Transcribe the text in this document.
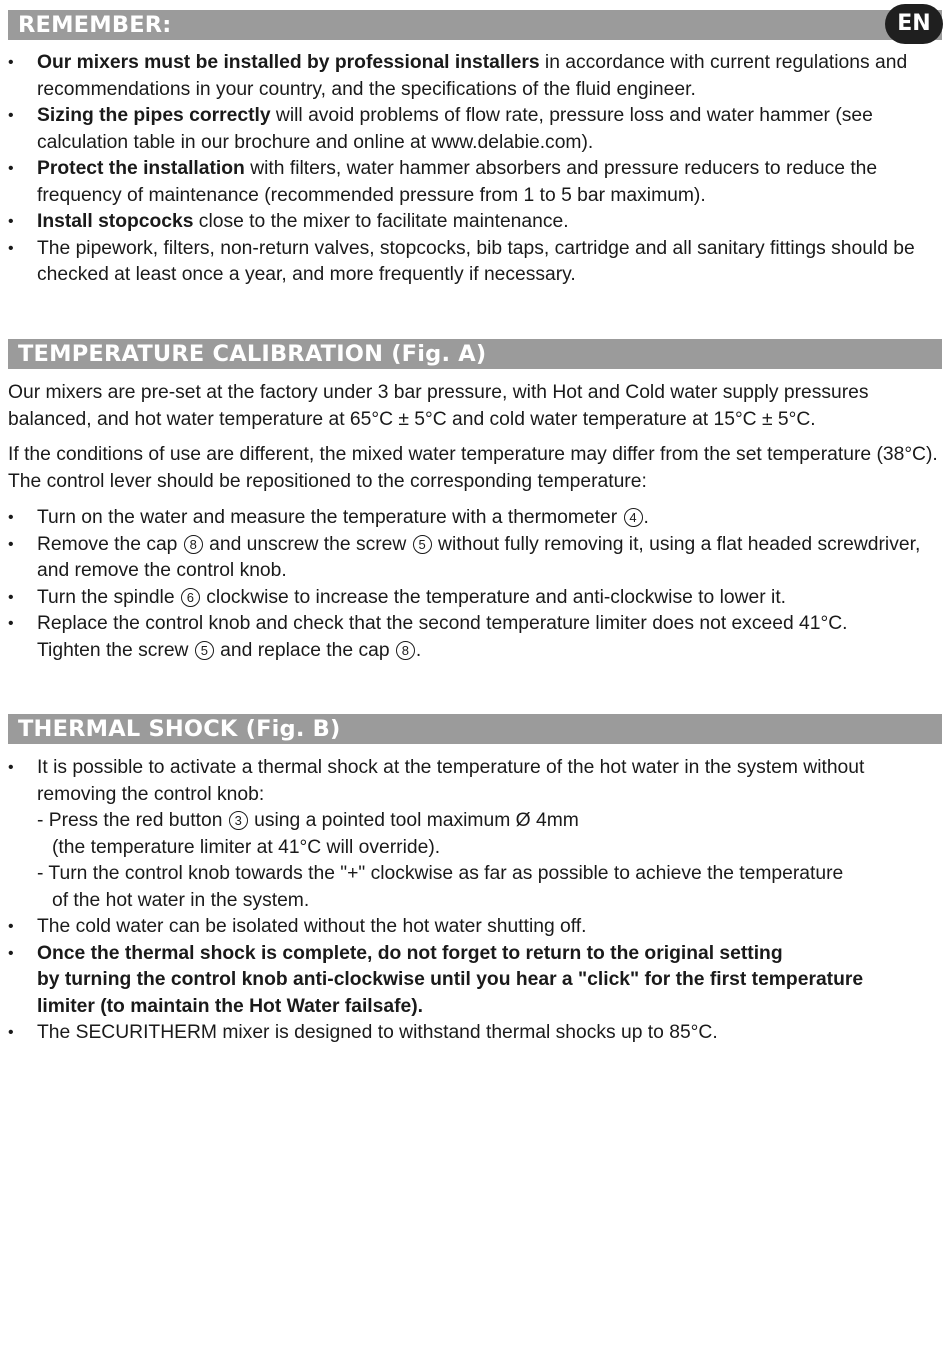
REMEMBER:	EN
• Our mixers must be installed by professional installers in accordance with current regulations and recommendations in your country, and the specifications of the fluid engineer.
• Sizing the pipes correctly will avoid problems of flow rate, pressure loss and water hammer (see calculation table in our brochure and online at www.delabie.com).
• Protect the installation with filters, water hammer absorbers and pressure reducers to reduce the frequency of maintenance (recommended pressure from 1 to 5 bar maximum).
• Install stopcocks close to the mixer to facilitate maintenance.
• The pipework, filters, non-return valves, stopcocks, bib taps, cartridge and all sanitary fittings should be checked at least once a year, and more frequently if necessary.
TEMPERATURE CALIBRATION (Fig. A)

Our mixers are pre-set at the factory under 3 bar pressure, with Hot and Cold water supply pressures balanced, and hot water temperature at 65°C ± 5°C and cold water temperature at 15°C ± 5°C.

If the conditions of use are different, the mixed water temperature may differ from the set temperature (38°C). The control lever should be repositioned to the corresponding temperature:

• Turn on the water and measure the temperature with a thermometer 4 .
• Remove the cap 8 and unscrew the screw 5 without fully removing it, using a flat headed screwdriver, and remove the control knob.
• Turn the spindle 6 clockwise to increase the temperature and anti-clockwise to lower it.
• Replace the control knob and check that the second temperature limiter does not exceed 41°C.
Tighten the screw 5 and replace the cap 8 .
THERMAL SHOCK (Fig. B)
• It is possible to activate a thermal shock at the temperature of the hot water in the system without removing the control knob:
- Press the red button 3 using a pointed tool maximum Ø 4mm
(the temperature limiter at 41°C will override).
- Turn the control knob towards the "+" clockwise as far as possible to achieve the temperature
of the hot water in the system.
• The cold water can be isolated without the hot water shutting off.
• Once the thermal shock is complete, do not forget to return to the original setting
by turning the control knob anti-clockwise until you hear a "click" for the first temperature
limiter (to maintain the Hot Water failsafe).
• The SECURITHERM mixer is designed to withstand thermal shocks up to 85°C.
